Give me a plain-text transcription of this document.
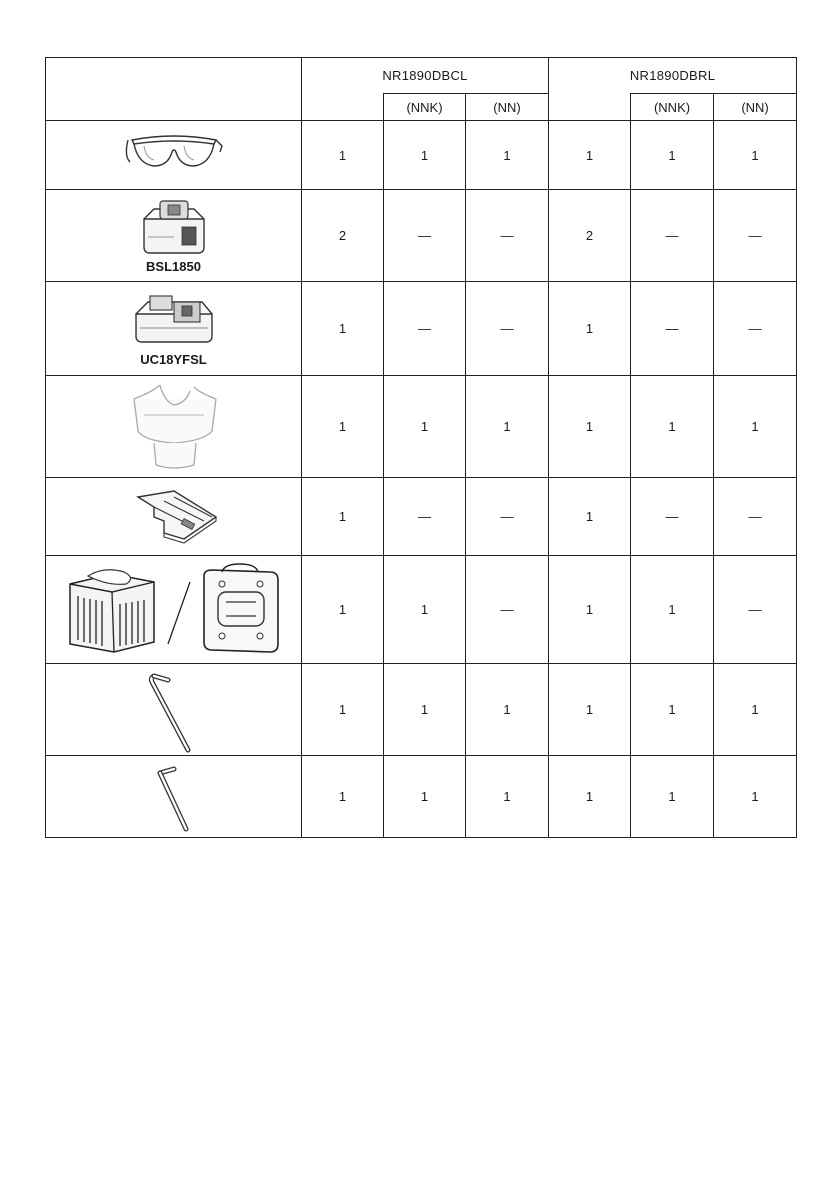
	NR1890DBCL			NR1890DBRL		
		(NNK)	(NN)		(NNK)	(NN)

	1	1	1	1	1	1

BSL1850	2	—	—	2	—	—

UC18YFSL	1	—	—	1	—	—

	1	1	1	1	1	1

	1	—	—	1	—	—

	1	1	—	1	1	—

	1	1	1	1	1	1

	1	1	1	1	1	1
